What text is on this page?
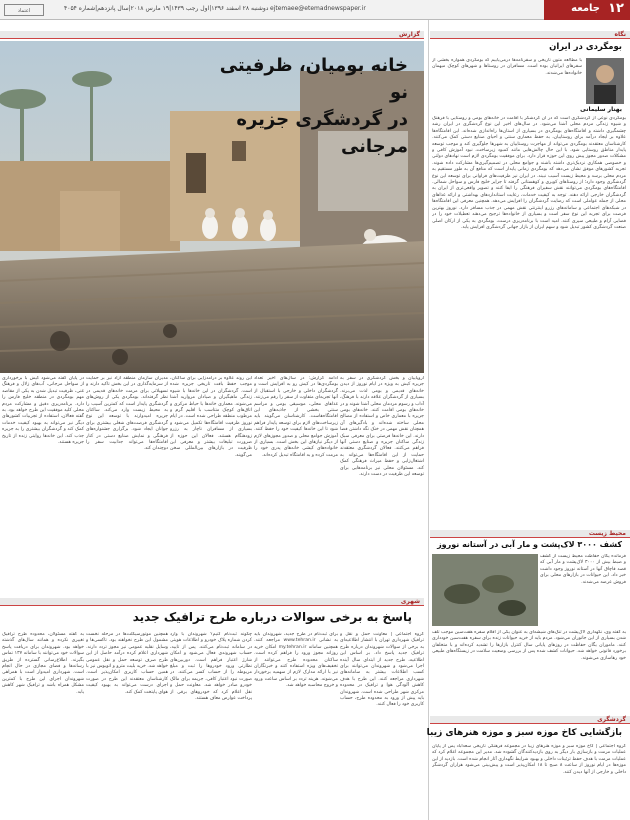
۱۲
جامعه
ejtemaee@etemadnewspaper.ir
دوشنبه ۲۸ اسفند ۱۳۹۶|اول رجب ۱۴۳۹|۱۹ مارس ۲۰۱۸|سال پانزدهم|شماره ۴۰۵۴
اعتماد
گزارش
خانه بومیان، ظرفیتی نو
در گردشگری جزیره مرجانی

اروپاییان و بخش گردشگری در سفر به جزیره کیش به ویژه در ایام نوروز از دیدن خانه‌های قدیمی و بومی لذت می‌برند. بسیاری از گردشگران علاقه دارند با فرهنگ، آداب و رسوم مردمان محلی آشنا شوند و در خانه‌های بومی اقامت کنند. خانه‌های بومی جزیره با معماری خاص و استفاده از مصالح محلی ساخته شده‌اند و بادگیرهای آن همچنان نقش مهمی در خنک نگه داشتن فضا دارند. این خانه‌ها فرصتی برای معرفی سبک زندگی ساکنان جزیره و صنایع دستی آنها فراهم می‌کنند. فعالان گردشگری معتقدند حمایت از این اقامتگاه‌ها می‌تواند به اشتغال‌زایی و حفظ میراث فرهنگی کمک کند. مسئولان محلی نیز برنامه‌هایی برای توسعه این ظرفیت در دست دارند.

ادامه گزارش: در سال‌های اخیر تعداد بومگردی‌ها در کیش رو به افزایش است و گردشگران داخلی و خارجی با استقبال از آنها تجربه‌ای متفاوت از سفر را رقم می‌زنند. غذاهای محلی، موسیقی بومی و مراسم سنتی بخشی از جاذبه‌های این اقامتگاه‌هاست. کارشناسان می‌گویند باید زیرساخت‌های لازم برای توسعه پایدار فراهم شود تا این خانه‌ها کیفیت خود را حفظ کنند. آموزش جوامع محلی و صدور مجوزهای لازم از دیگر نیازهای این بخش است. بسیاری از خانواده‌های کیشی خانه‌های پدری خود را مرمت کرده و به اقامتگاه تبدیل کرده‌اند.

این روند علاوه بر درآمدزایی برای ساکنان، موجب حفظ بافت تاریخی جزیره شده است. گردشگران در این خانه‌ها با شیوه زندگی ماهیگیران و صیادان مروارید آشنا می‌شوند. معماری خانه‌ها با حیاط مرکزی و اتاق‌های کوچک متناسب با اقلیم گرم و مرطوب منطقه طراحی شده است. در ایام نوروز ظرفیت اقامتگاه‌ها تکمیل می‌شود و بسیاری از مسافران ناچار به رزرو زودهنگام هستند. فعالان این حوزه از ضرورت تبلیغات بیشتر و معرفی این ظرفیت در بازارهای بین‌المللی سخن می‌گویند.

مدیران سازمان منطقه آزاد نیز بر حمایت از سرمایه‌گذاری در این بخش تاکید دارند و تسهیلاتی برای مرمت خانه‌های قدیمی در نظر گرفته‌اند. بومگردی یکی از روش‌های گردشگری پایدار است که کمترین آسیب را به محیط زیست وارد می‌کند. ساکنان جزیره امیدوارند با توسعه این نوع گردشگری فرصت‌های شغلی بیشتری برای جوانان ایجاد شود. برگزاری جشنواره‌های فرهنگی و نمایش صنایع دستی در کنار اقامتگاه‌ها می‌تواند جذابیت سفر را دوچندان کند.

در پایان گفته می‌شود کیش با برخورداری از سواحل مرجانی، آب‌های زلال و فرهنگ غنی، ظرفیت تبدیل شدن به یکی از مقاصد مهم بومگردی در منطقه خلیج فارس را دارد. برنامه‌ریزی دقیق و مشارکت مردم محلی کلید موفقیت این طرح خواهد بود. به گفته فعالان، استفاده از تجربیات کشورهای دیگر نیز می‌تواند به بهبود کیفیت خدمات کمک کند و گردشگران بیشتری را به جزیره جذب کند. این خانه‌ها روایتی زنده از تاریخ جزیره هستند.

شهری
پاسخ به برخی سوالات درباره طرح ترافیک جدید

گروه اجتماعی | معاونت حمل و نقل و ترافیک شهرداری تهران با انتشار اطلاعیه‌ای به برخی از سوالات شهروندان درباره طرح ترافیک جدید پاسخ داد. بر اساس این اطلاعیه، طرح جدید از ابتدای سال آینده اجرا می‌شود و شهروندان می‌توانند برای کسب اطلاعات بیشتر به سامانه‌های شهرداری مراجعه کنند. این طرح با هدف کاهش آلودگی هوا و ترافیک در محدوده مرکزی شهر طراحی شده است. شهروندان باید پیش از ورود به محدوده طرح، حساب کاربری خود را فعال کنند.

برای ثبت‌نام در طرح جدید، شهروندان باید به نشانی www.tehran.ir مراجعه کنند. همچنین سامانه my.tehran.ir امکان خرید روزانه مجوز ورود را فراهم کرده است. ساکنان محدوده طرح می‌توانند از تخفیف‌های ویژه استفاده کنند و خبرنگاران نیز با ارائه مدارک لازم از سهمیه برخوردار می‌شوند. هزینه تردد بر اساس ساعت ورود و خروج محاسبه خواهد شد.

چگونه ثبت‌نام کنیم؟ شهروندان با وارد کردن شماره پلاک خودرو و اطلاعات هویتی در سامانه ثبت‌نام می‌کنند. پس از تایید، حساب شهروندی فعال می‌شود و امکان شارژ اعتبار فراهم است. دوربین‌های نظارتی ورود خودروها را ثبت و مبلغ مربوطه را از حساب کسر می‌کنند. در صورت نبود اعتبار کافی، جریمه برای مالک خودرو صادر خواهد شد. معاونت حمل و نقل اعلام کرد که خودروهای برقی از پرداخت عوارض معاف هستند.

همچنین موتورسیکلت‌ها در مرحله نخست مشمول این طرح نخواهند بود. تاکسی‌ها و وسایل نقلیه عمومی نیز مجوز تردد دارند. شهرداری اعلام کرده درآمد حاصل از این طرح صرف توسعه حمل و نقل عمومی خواهد شد. خرید بلیت مترو و اتوبوس نیز با همین حساب کاربری امکان‌پذیر است. کارشناسان معتقدند این طرح در صورت اجرای درست می‌تواند به بهبود کیفیت هوای پایتخت کمک کند.

به گفته مسئولان، محدوده طرح ترافیک تغییری نکرده و همانند سال‌های گذشته خواهد بود. شهروندان برای دریافت پاسخ سوالات خود می‌توانند با سامانه ۱۳۷ تماس بگیرند. اطلاع‌رسانی گسترده از طریق رسانه‌ها و فضای مجازی در حال انجام است. شهرداری امیدوار است با همراهی شهروندان اجرای این طرح با کمترین مشکل همراه باشد و ترافیک شهر کاهش یابد.

نگاه
بومگردی در ایران
بهنار سلیمانی

با مطالعه متون تاریخی و سفرنامه‌ها درمی‌یابیم که بومگردی همواره بخشی از سفرهای ایرانیان بوده است. مسافران در روستاها و شهرهای کوچک میهمان خانواده‌ها می‌شدند.

بومگردی نوعی از گردشگری است که در آن گردشگر با اقامت در خانه‌های بومی و روستایی با فرهنگ و شیوه زندگی مردم محلی آشنا می‌شود. در سال‌های اخیر این نوع گردشگری در ایران رشد چشمگیری داشته و اقامتگاه‌های بومگردی در بسیاری از استان‌ها راه‌اندازی شده‌اند. این اقامتگاه‌ها علاوه بر ایجاد درآمد برای روستاییان، به حفظ معماری سنتی و احیای صنایع دستی کمک می‌کنند. کارشناسان معتقدند بومگردی می‌تواند از مهاجرت روستاییان به شهرها جلوگیری کند و موجب توسعه پایدار مناطق روستایی شود. با این حال چالش‌هایی مانند کمبود زیرساخت، نبود آموزش کافی و مشکلات صدور مجوز پیش روی این حوزه قرار دارد. برای موفقیت بومگردی لازم است نهادهای دولتی و خصوصی همکاری نزدیک‌تری داشته باشند و جوامع محلی در تصمیم‌گیری‌ها مشارکت داده شوند. تجربه کشورهای موفق نشان می‌دهد که بومگردی زمانی پایدار است که منافع آن به طور مستقیم به مردم محلی برسد و محیط زیست آسیب نبیند. در ایران نیز ظرفیت‌های فراوانی برای توسعه این نوع گردشگری وجود دارد؛ از روستاهای کویری و کوهستانی گرفته تا جزایر خلیج فارس و سواحل شمالی. اقامتگاه‌های بومگردی می‌توانند نقش سفیران فرهنگی را ایفا کنند و تصویر واقعی‌تری از ایران به گردشگران خارجی ارائه دهند. توجه به کیفیت خدمات، رعایت استانداردهای بهداشتی و ارائه غذاهای محلی از جمله عواملی است که رضایت گردشگران را افزایش می‌دهد. همچنین معرفی این اقامتگاه‌ها در شبکه‌های اجتماعی و سامانه‌های رزرو اینترنتی نقش مهمی در جذب مسافر دارد. نوروز بهترین فرصت برای تجربه این نوع سفر است و بسیاری از خانواده‌ها ترجیح می‌دهند تعطیلات خود را در فضایی آرام و طبیعی سپری کنند. امید است با برنامه‌ریزی درست، بومگردی به یکی از ارکان اصلی صنعت گردشگری کشور تبدیل شود و سهم ایران از بازار جهانی گردشگری افزایش یابد.

محیط زیست
کشف ۳۰۰۰ لاک‌پشت و مار آبی در آستانه نوروز

فرمانده یگان حفاظت محیط زیست از کشف و ضبط بیش از ۳۰۰۰ لاک‌پشت و مار آبی که قصد قاچاق آنها در آستانه نوروز وجود داشت خبر داد. این حیوانات در بازارهای محلی برای فروش عرضه می‌شدند.

به گفته وی، نگهداری لاک‌پشت در تنگ‌های شیشه‌ای به عنوان یکی از اقلام سفره هفت‌سین موجب تلف شدن بسیاری از این جانوران می‌شود. مردم باید از خرید حیوانات زنده برای سفره هفت‌سین خودداری کنند. ماموران یگان حفاظت در روزهای پایانی سال کنترل بازارها را تشدید کرده‌اند و با متخلفان برخورد قانونی خواهد شد. حیوانات کشف شده پس از بررسی وضعیت سلامت در زیستگاه‌های طبیعی خود رهاسازی می‌شوند.

گردشگری
بازگشایی کاخ موزه سبز و موزه هنرهای زیبا

گروه اجتماعی | کاخ موزه سبز و موزه هنرهای زیبا در مجموعه فرهنگی تاریخی سعدآباد پس از پایان عملیات مرمت و بازسازی بار دیگر به روی بازدیدکنندگان گشوده شد. مدیر این مجموعه اعلام کرد که عملیات مرمت با هدف حفظ تزئینات داخلی و بهبود شرایط نگهداری آثار انجام شده است. بازدید از این موزه‌ها در ایام نوروز از ساعت ۸ صبح تا ۱۸ امکان‌پذیر است و پیش‌بینی می‌شود هزاران گردشگر داخلی و خارجی از آنها دیدن کنند.
